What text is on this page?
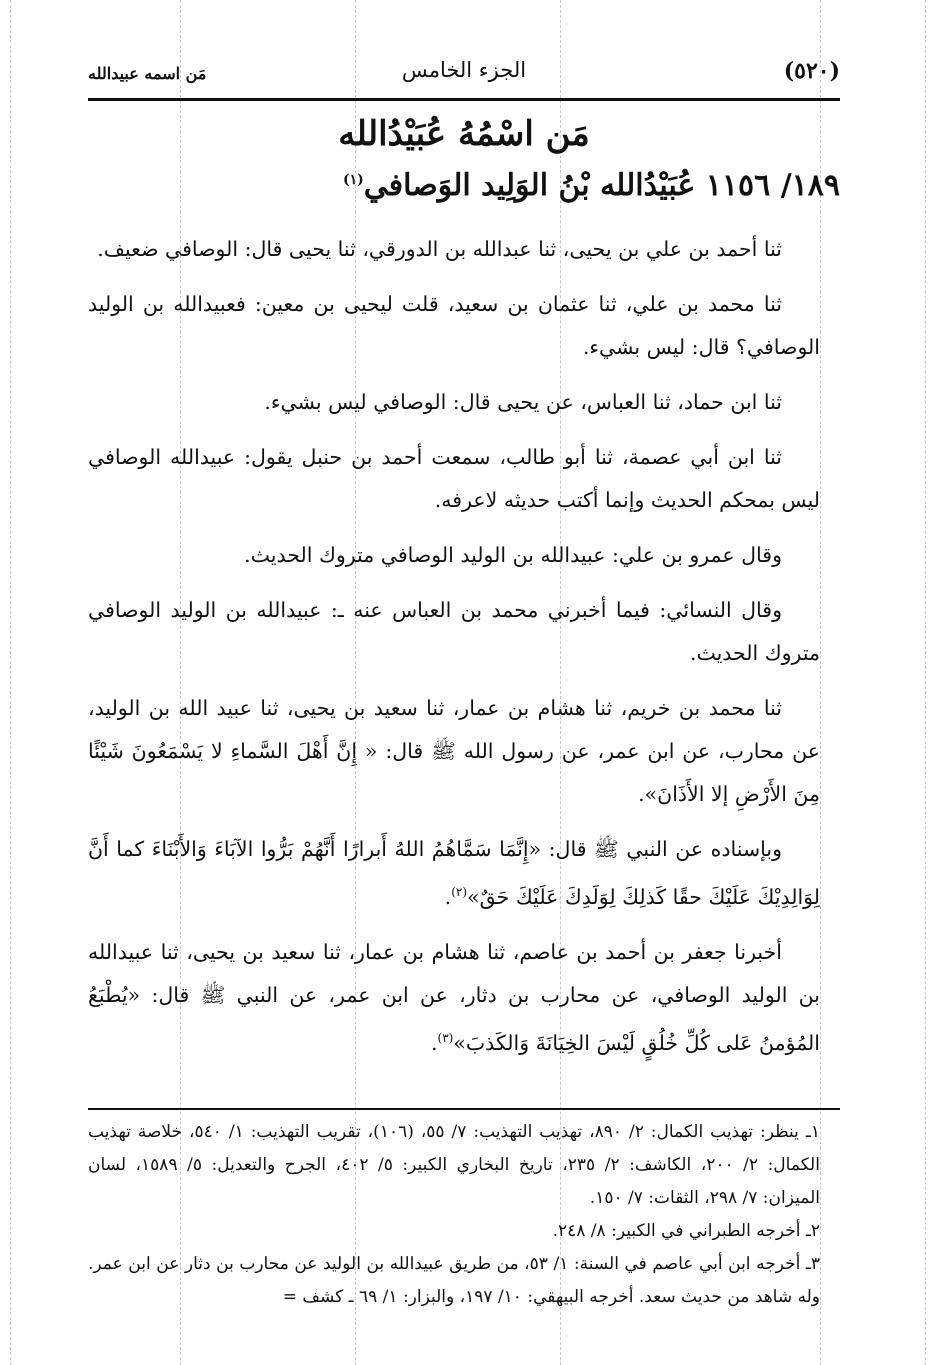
(٥٢٠)
الجزء الخامس
مَن اسمه عبيدالله
مَن اسْمُهُ عُبَيْدُالله
١٨٩/ ١١٥٦ عُبَيْدُالله بْنُ الوَلِيد الوَصافي$^{(١)}$

ثنا أحمد بن علي بن يحيى، ثنا عبدالله بن الدورقي، ثنا يحيى قال: الوصافي ضعيف.

ثنا محمد بن علي، ثنا عثمان بن سعيد، قلت ليحيى بن معين: فعبيدالله بن الوليد الوصافي؟ قال: ليس بشيء.

ثنا ابن حماد، ثنا العباس، عن يحيى قال: الوصافي ليس بشيء.

ثنا ابن أبي عصمة، ثنا أبو طالب، سمعت أحمد بن حنبل يقول: عبيدالله الوصافي ليس بمحكم الحديث وإنما أكتب حديثه لاعرفه.

وقال عمرو بن علي: عبيدالله بن الوليد الوصافي متروك الحديث.

وقال النسائي: فيما أخبرني محمد بن العباس عنه ـ: عبيدالله بن الوليد الوصافي متروك الحديث.

ثنا محمد بن خريم، ثنا هشام بن عمار، ثنا سعيد بن يحيى، ثنا عبيد الله بن الوليد، عن محارب، عن ابن عمر، عن رسول الله ﷺ قال: « إِنَّ أَهْلَ السَّماءِ لا يَسْمَعُونَ شَيْئًا مِنَ الأَرْضِ إلا الأَذَانَ».

وبإسناده عن النبي ﷺ قال: «إِنَّمَا سَمَّاهُمُ اللهُ أَبرارًا أَنَّهُمْ بَرُّوا الآبَاءَ وَالأَبْنَاءَ كما أَنَّ لِوَالِدِيْكَ عَلَيْكَ حقًا كَذلِكَ لِوَلَدِكَ عَلَيْكَ حَقٌ»$^{(٢)}$.

أخبرنا جعفر بن أحمد بن عاصم، ثنا هشام بن عمار، ثنا سعيد بن يحيى، ثنا عبيدالله بن الوليد الوصافي، عن محارب بن دثار، عن ابن عمر، عن النبي ﷺ قال: «يُطْبَعُ المُؤمنُ عَلى كُلِّ خُلُقٍ لَيْسَ الخِيَانَةَ وَالكَذبَ»$^{(٣)}$.

١ـ ينظر: تهذيب الكمال: ٢/ ٨٩٠، تهذيب التهذيب: ٧/ ٥٥، (١٠٦)، تقريب التهذيب: ١/ ٥٤٠، خلاصة تهذيب الكمال: ٢/ ٢٠٠، الكاشف: ٢/ ٢٣٥، تاريخ البخاري الكبير: ٥/ ٤٠٢، الجرح والتعديل: ٥/ ١٥٨٩، لسان الميزان: ٧/ ٢٩٨، الثقات: ٧/ ١٥٠.

٢ـ أخرجه الطبراني في الكبير: ٨/ ٢٤٨.

٣ـ أخرجه ابن أبي عاصم في السنة: ١/ ٥٣، من طريق عبيدالله بن الوليد عن محارب بن دثار عن ابن عمر. وله شاهد من حديث سعد. أخرجه البيهقي: ١٠/ ١٩٧، والبزار: ١/ ٦٩ ـ كشف =
